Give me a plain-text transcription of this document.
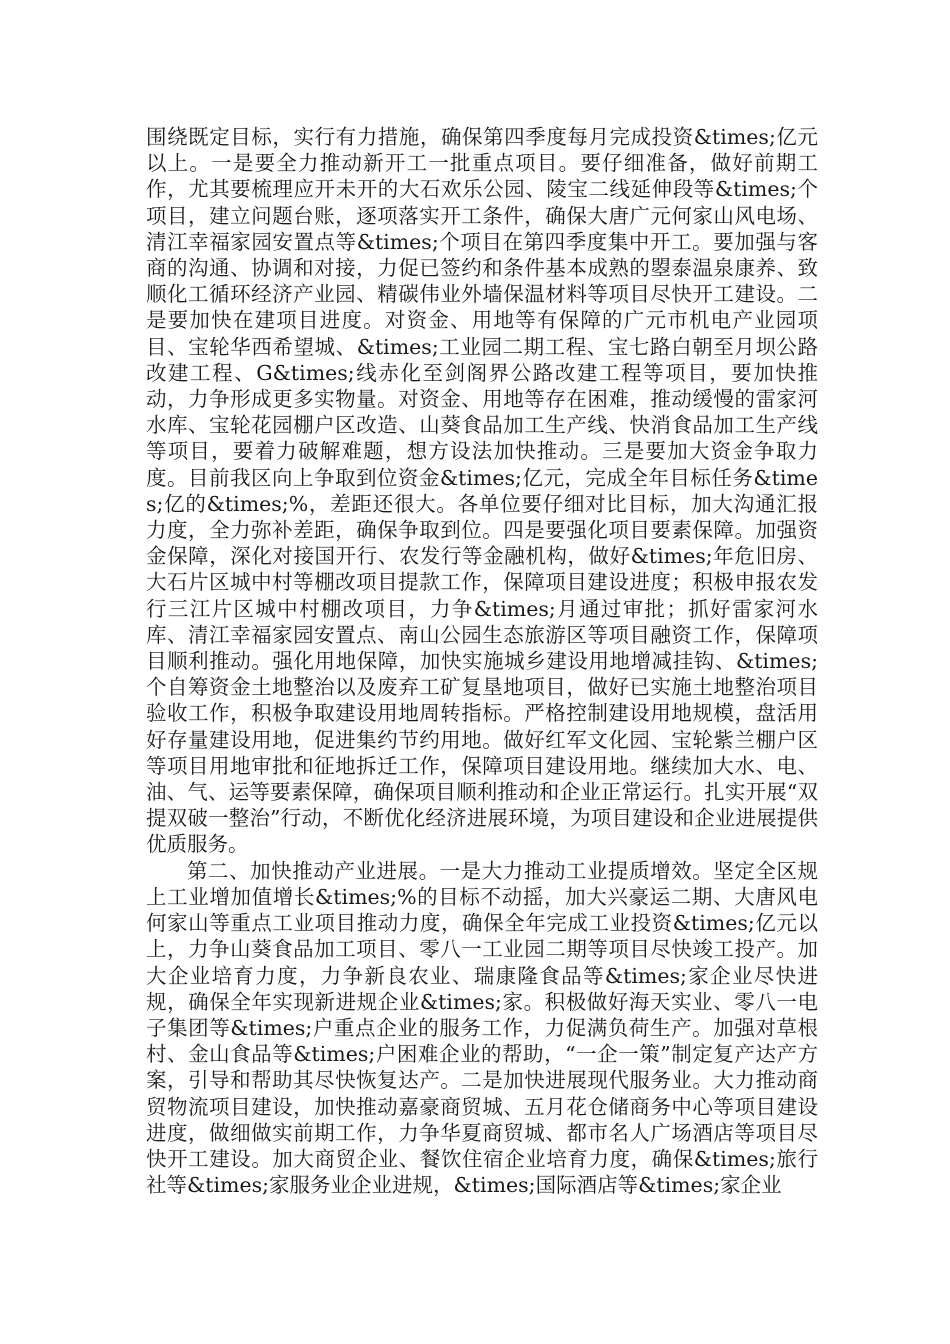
围绕既定目标，实行有力措施，确保第四季度每月完成投资&times;亿元以上。一是要全力推动新开工一批重点项目。要仔细准备，做好前期工作，尤其要梳理应开未开的大石欢乐公园、陵宝二线延伸段等&times;个项目，建立问题台账，逐项落实开工条件，确保大唐广元何家山风电场、清江幸福家园安置点等&times;个项目在第四季度集中开工。要加强与客商的沟通、协调和对接，力促已签约和条件基本成熟的曌泰温泉康养、致顺化工循环经济产业园、精碳伟业外墙保温材料等项目尽快开工建设。二是要加快在建项目进度。对资金、用地等有保障的广元市机电产业园项目、宝轮华西希望城、&times;工业园二期工程、宝七路白朝至月坝公路改建工程、G&times;线赤化至剑阁界公路改建工程等项目，要加快推动，力争形成更多实物量。对资金、用地等存在困难，推动缓慢的雷家河水库、宝轮花园棚户区改造、山葵食品加工生产线、快消食品加工生产线等项目，要着力破解难题，想方设法加快推动。三是要加大资金争取力度。目前我区向上争取到位资金&times;亿元，完成全年目标任务&times;亿的&times;%，差距还很大。各单位要仔细对比目标，加大沟通汇报力度，全力弥补差距，确保争取到位。四是要强化项目要素保障。加强资金保障，深化对接国开行、农发行等金融机构，做好&times;年危旧房、大石片区城中村等棚改项目提款工作，保障项目建设进度；积极申报农发行三江片区城中村棚改项目，力争&times;月通过审批；抓好雷家河水库、清江幸福家园安置点、南山公园生态旅游区等项目融资工作，保障项目顺利推动。强化用地保障，加快实施城乡建设用地增减挂钩、&times;个自筹资金土地整治以及废弃工矿复垦地项目，做好已实施土地整治项目验收工作，积极争取建设用地周转指标。严格控制建设用地规模，盘活用好存量建设用地，促进集约节约用地。做好红军文化园、宝轮紫兰棚户区等项目用地审批和征地拆迁工作，保障项目建设用地。继续加大水、电、油、气、运等要素保障，确保项目顺利推动和企业正常运行。扎实开展“双提双破一整治”行动，不断优化经济进展环境，为项目建设和企业进展提供优质服务。

第二、加快推动产业进展。一是大力推动工业提质增效。坚定全区规上工业增加值增长&times;%的目标不动摇，加大兴豪运二期、大唐风电何家山等重点工业项目推动力度，确保全年完成工业投资&times;亿元以上，力争山葵食品加工项目、零八一工业园二期等项目尽快竣工投产。加大企业培育力度，力争新良农业、瑞康隆食品等&times;家企业尽快进规，确保全年实现新进规企业&times;家。积极做好海天实业、零八一电子集团等&times;户重点企业的服务工作，力促满负荷生产。加强对草根村、金山食品等&times;户困难企业的帮助，“一企一策”制定复产达产方案，引导和帮助其尽快恢复达产。二是加快进展现代服务业。大力推动商贸物流项目建设，加快推动嘉豪商贸城、五月花仓储商务中心等项目建设进度，做细做实前期工作，力争华夏商贸城、都市名人广场酒店等项目尽快开工建设。加大商贸企业、餐饮住宿企业培育力度，确保&times;旅行社等&times;家服务业企业进规，&times;国际酒店等&times;家企业
